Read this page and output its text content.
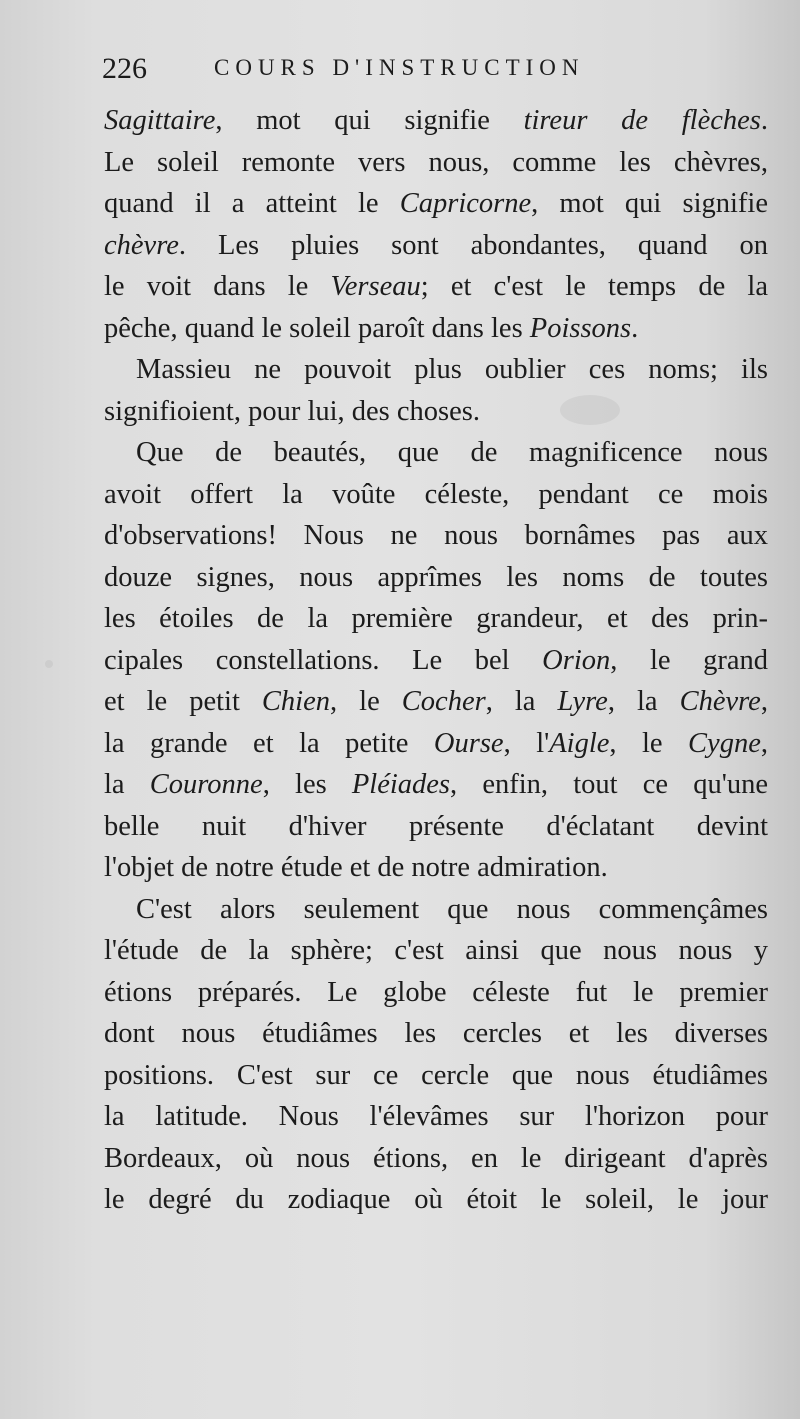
226	COURS D'INSTRUCTION
Sagittaire, mot qui signifie tireur de flèches.
Le soleil remonte vers nous, comme les chèvres,
quand il a atteint le Capricorne, mot qui signifie
chèvre. Les pluies sont abondantes, quand on
le voit dans le Verseau; et c'est le temps de la
pêche, quand le soleil paroît dans les Poissons.
Massieu ne pouvoit plus oublier ces noms; ils
signifioient, pour lui, des choses.
Que de beautés, que de magnificence nous
avoit offert la voûte céleste, pendant ce mois
d'observations! Nous ne nous bornâmes pas aux
douze signes, nous apprîmes les noms de toutes
les étoiles de la première grandeur, et des prin-
cipales constellations. Le bel Orion, le grand
et le petit Chien, le Cocher, la Lyre, la Chèvre,
la grande et la petite Ourse, l'Aigle, le Cygne,
la Couronne, les Pléiades, enfin, tout ce qu'une
belle nuit d'hiver présente d'éclatant devint
l'objet de notre étude et de notre admiration.
C'est alors seulement que nous commençâmes
l'étude de la sphère; c'est ainsi que nous nous y
étions préparés. Le globe céleste fut le premier
dont nous étudiâmes les cercles et les diverses
positions. C'est sur ce cercle que nous étudiâmes
la latitude. Nous l'élevâmes sur l'horizon pour
Bordeaux, où nous étions, en le dirigeant d'après
le degré du zodiaque où étoit le soleil, le jour
